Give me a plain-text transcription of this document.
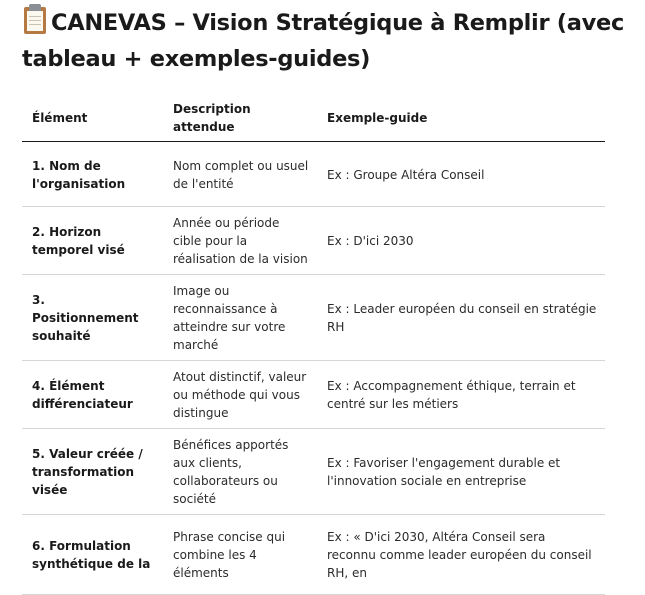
CANEVAS – Vision Stratégique à Remplir (avec tableau + exemples-guides)
Élément	Description attendue	Exemple-guide
1. Nom de l'organisation	Nom complet ou usuel de l'entité	Ex : Groupe Altéra Conseil
2. Horizon temporel visé	Année ou période cible pour la réalisation de la vision	Ex : D'ici 2030
3. Positionnement souhaité	Image ou reconnaissance à atteindre sur votre marché	Ex : Leader européen du conseil en stratégie RH
4. Élément différenciateur	Atout distinctif, valeur ou méthode qui vous distingue	Ex : Accompagnement éthique, terrain et centré sur les métiers
5. Valeur créée / transformation visée	Bénéfices apportés aux clients, collaborateurs ou société	Ex : Favoriser l'engagement durable et l'innovation sociale en entreprise
6. Formulation synthétique de la	Phrase concise qui combine les 4 éléments	Ex : « D'ici 2030, Altéra Conseil sera reconnu comme leader européen du conseil RH, en
